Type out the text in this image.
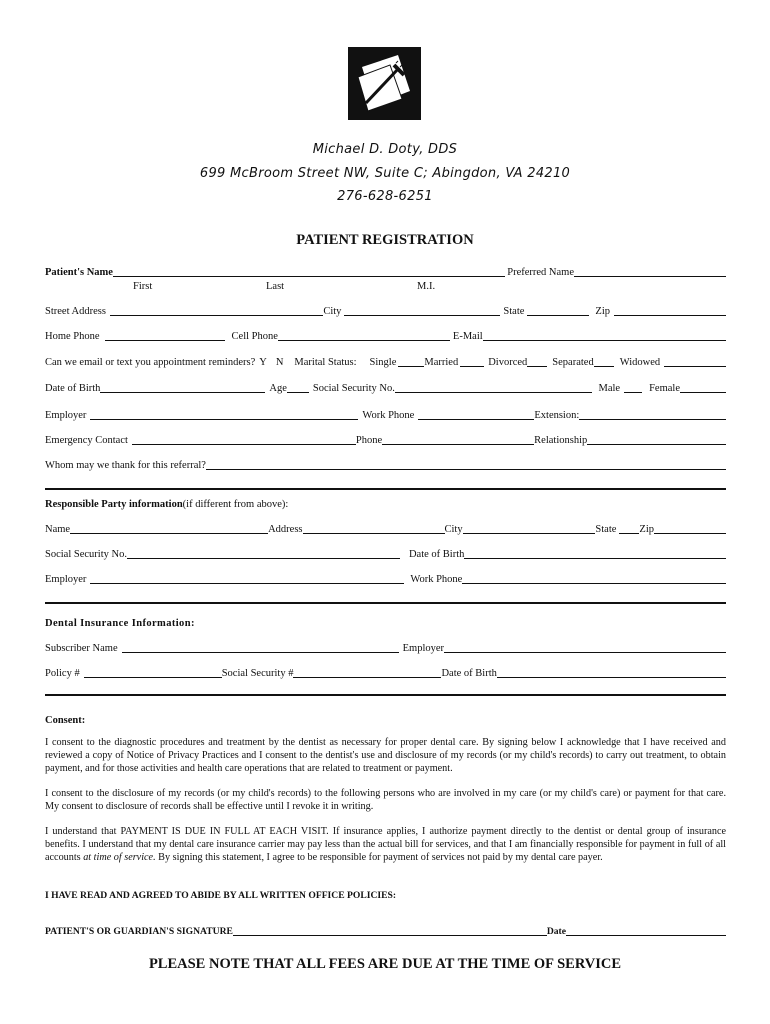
Michael D. Doty, DDS
699 McBroom Street NW, Suite C; Abingdon, VA 24210
276-628-6251
PATIENT REGISTRATION
Patient's Name
	Preferred Name
First	Last	M.I.
Street Address	City	State	Zip
Home Phone	Cell Phone	E-Mail
Can we email or text you appointment reminders? Y N Marital Status: Single	Married	Divorced Separated Widowed
Date of Birth	Age Social Security No.	Male	Female
Employer	Work Phone	Extension:
Emergency Contact	Phone	Relationship
Whom may we thank for this referral?
Responsible Party information (if different from above):
Name	Address	City	State Zip
Social Security No.	Date of Birth
Employer	Work Phone
Dental Insurance Information:
Subscriber Name	Employer
Policy #	Social Security #	Date of Birth
Consent:

I consent to the diagnostic procedures and treatment by the dentist as necessary for proper dental care. By signing below I acknowledge that I have received and reviewed a copy of Notice of Privacy Practices and I consent to the dentist's use and disclosure of my records (or my child's records) to carry out treatment, to obtain payment, and for those activities and health care operations that are related to treatment or payment.

I consent to the disclosure of my records (or my child's records) to the following persons who are involved in my care (or my child's care) or payment for that care. My consent to disclosure of records shall be effective until I revoke it in writing.

I understand that PAYMENT IS DUE IN FULL AT EACH VISIT. If insurance applies, I authorize payment directly to the dentist or dental group of insurance benefits. I understand that my dental care insurance carrier may pay less than the actual bill for services, and that I am financially responsible for payment in full of all accounts at time of service. By signing this statement, I agree to be responsible for payment of services not paid by my dental care payer.

I HAVE READ AND AGREED TO ABIDE BY ALL WRITTEN OFFICE POLICIES:
PATIENT'S OR GUARDIAN'S SIGNATURE	Date
PLEASE NOTE THAT ALL FEES ARE DUE AT THE TIME OF SERVICE
